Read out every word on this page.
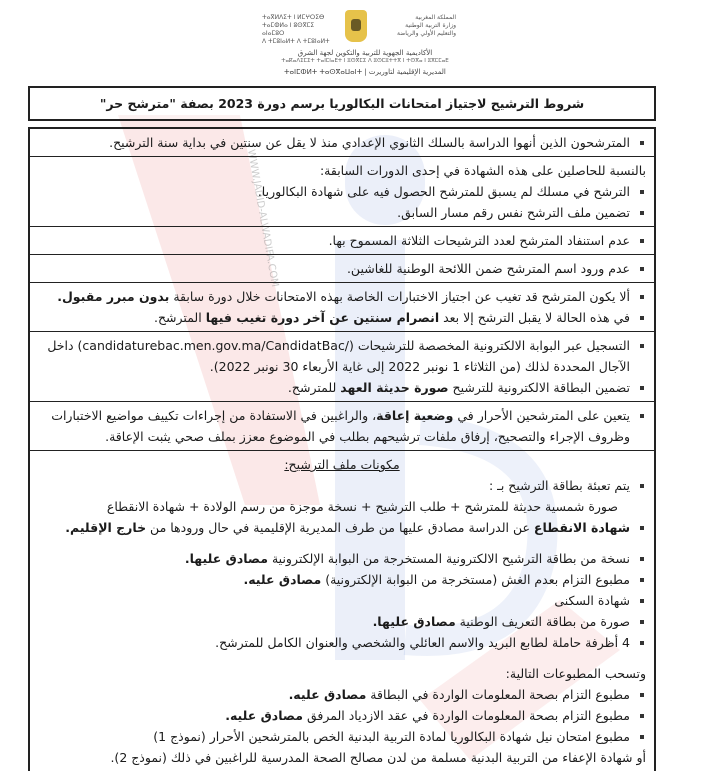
WWW.JADID-ALWADIFA.COM
ⵜⴰⴳⵍⴷⵉⵜ ⵏ ⵍⵎⵖⵔⵉⴱ
ⵜⴰⵎⵀⵍⴰ ⵏ ⵓⵙⴳⵎⵉ ⴰⵏⴰⵎⵓⵔ
ⴷ ⵜⵎⵓⵏⴰⵍⵜ ⴷ ⵜⵎⵓⵏⴰⵍⵜ
المملكة المغربية
وزارة التربية الوطنية
والتعليم الأولي والرياضة
الأكاديمية الجهوية للتربية والتكوين لجهة الشرق
ⵜⴰⴽⴰⴷⵉⵎⵉⵜ ⵜⴰⵏⵎⵏⴰⴹⵜ ⵏ ⵓⵙⴳⵎⵉ ⴷ ⵓⵙⵎⵓⵜⵜⴳ ⵏ ⵜⵙⴳⴰ ⵏ ⵓⴳⵎⵎⴰⴹ
المديرية الإقليمية لتاوريرت | ⵜⴰⵏⵎⵀⵍⵜ ⵜⴰⵙⴳⴰⵡⴰⵏⵜ
شروط الترشيح لاجتياز امتحانات البكالوريا برسم دورة 2023 بصفة "مترشح حر"
المترشحون الذين أنهوا الدراسة بالسلك الثانوي الإعدادي منذ لا يقل عن سنتين في بداية سنة الترشيح.
بالنسبة للحاصلين على هذه الشهادة في إحدى الدورات السابقة:
الترشح في مسلك لم يسبق للمترشح الحصول فيه على شهادة البكالوريا.
تضمين ملف الترشح نفس رقم مسار السابق.
عدم استنفاد المترشح لعدد الترشيحات الثلاثة المسموح بها.
عدم ورود اسم المترشح ضمن اللائحة الوطنية للغاشين.
ألا يكون المترشح قد تغيب عن اجتياز الاختبارات الخاصة بهذه الامتحانات خلال دورة سابقة بدون مبرر مقبول.
في هذه الحالة لا يقبل الترشح إلا بعد انصرام سنتين عن آخر دورة تغيب فيها المترشح.
التسجيل عبر البوابة الالكترونية المخصصة للترشيحات (candidaturebac.men.gov.ma/CandidatBac/) داخل الآجال المحددة لذلك (من الثلاثاء 1 نونبر 2022 إلى غاية الأربعاء 30 نونبر 2022).
تضمين البطاقة الالكترونية للترشيح صورة حديثة العهد للمترشح.
يتعين على المترشحين الأحرار في وضعية إعاقة، والراغبين في الاستفادة من إجراءات تكييف مواضيع الاختبارات وظروف الإجراء والتصحيح، إرفاق ملفات ترشيحهم بطلب في الموضوع معزز بملف صحي يثبت الإعاقة.
مكونات ملف الترشيح:
يتم تعبئة بطاقة الترشيح بـ :
صورة شمسية حديثة للمترشح + طلب الترشيح + نسخة موجزة من رسم الولادة + شهادة الانقطاع
شهادة الانقطاع عن الدراسة مصادق عليها من طرف المديرية الإقليمية في حال ورودها من خارج الإقليم.
نسخة من بطاقة الترشيح الالكترونية المستخرجة من البوابة الإلكترونية مصادق عليها.
مطبوع التزام بعدم الغش (مستخرجة من البوابة الإلكترونية) مصادق عليه.
شهادة السكنى
صورة من بطاقة التعريف الوطنية مصادق عليها.
4 أظرفة حاملة لطابع البريد والاسم العائلي والشخصي والعنوان الكامل للمترشح.
وتسحب المطبوعات التالية:
مطبوع التزام بصحة المعلومات الواردة في البطاقة مصادق عليه.
مطبوع التزام بصحة المعلومات الواردة في عقد الازدياد المرفق مصادق عليه.
مطبوع امتحان نيل شهادة البكالوريا لمادة التربية البدنية الخص بالمترشحين الأحرار (نموذج 1)
أو شهادة الإعفاء من التربية البدنية مسلمة من لدن مصالح الصحة المدرسية للراغبين في ذلك (نموذج 2).
